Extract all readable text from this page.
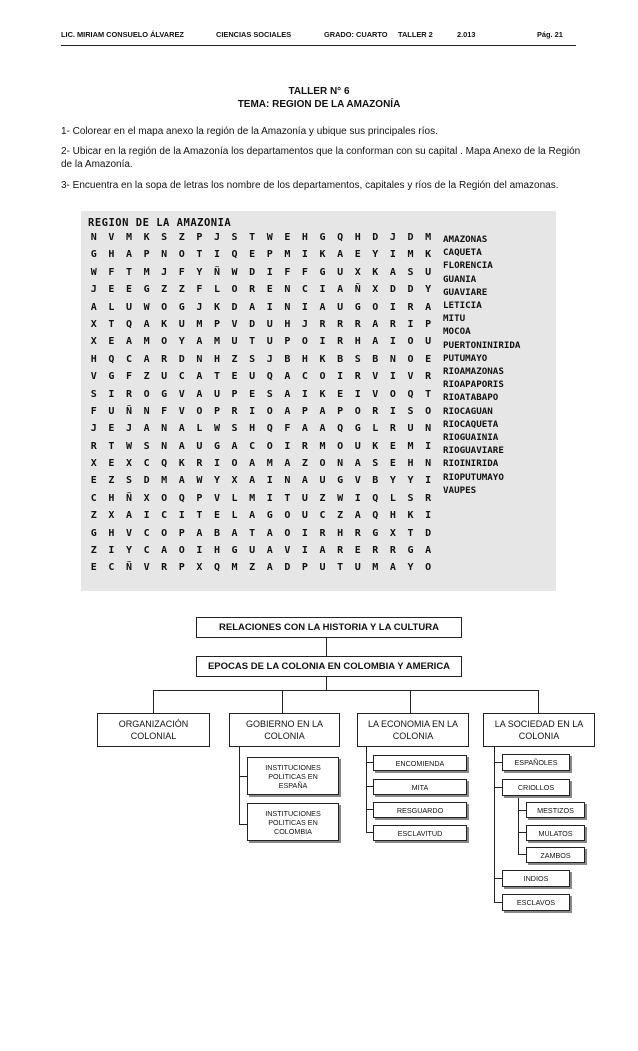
LIC. MIRIAM CONSUELO ÁLVAREZ	CIENCIAS SOCIALES	GRADO: CUARTO TALLER 2	2.013	Pág. 21
TALLER N° 6
TEMA: REGION DE LA AMAZONÍA
1- Colorear en el mapa anexo la región de la Amazonía y ubique sus principales ríos.
2- Ubicar en la región de la Amazonía los departamentos que la conforman con su capital . Mapa Anexo de la Región de la Amazonía.
3- Encuentra en la sopa de letras los nombre de los departamentos, capitales y ríos de la Región del amazonas.
REGION DE LA AMAZONIA
N	V	M	K	S	Z	P	J	S	T	W	E	H	G	Q	H	D	J	D	M
G	H	A	P	N	O	T	I	Q	E	P	M	I	K	A	E	Y	I	M	K
W	F	T	M	J	F	Y	Ñ	W	D	I	F	F	G	U	X	K	A	S	U
J	E	E	G	Z	Z	F	L	O	R	E	N	C	I	A	Ñ	X	D	D	Y
A	L	U	W	O	G	J	K	D	A	I	N	I	A	U	G	O	I	R	A
X	T	Q	A	K	U	M	P	V	D	U	H	J	R	R	R	A	R	I	P
X	E	A	M	O	Y	A	M	U	T	U	P	O	I	R	H	A	I	O	U
H	Q	C	A	R	D	N	H	Z	S	J	B	H	K	B	S	B	N	O	E
V	G	F	Z	U	C	A	T	E	U	Q	A	C	O	I	R	V	I	V	R
S	I	R	O	G	V	A	U	P	E	S	A	I	K	E	I	V	O	Q	T
F	U	Ñ	N	F	V	O	P	R	I	O	A	P	A	P	O	R	I	S	O
J	E	J	A	N	A	L	W	S	H	Q	F	A	A	Q	G	L	R	U	N
R	T	W	S	N	A	U	G	A	C	O	I	R	M	O	U	K	E	M	I
X	E	X	C	Q	K	R	I	O	A	M	A	Z	O	N	A	S	E	H	N
E	Z	S	D	M	A	W	Y	X	A	I	N	A	U	G	V	B	Y	Y	I
C	H	Ñ	X	O	Q	P	V	L	M	I	T	U	Z	W	I	Q	L	S	R
Z	X	A	I	C	I	T	E	L	A	G	O	U	C	Z	A	Q	H	K	I
G	H	V	C	O	P	A	B	A	T	A	O	I	R	H	R	G	X	T	D
Z	I	Y	C	A	O	I	H	G	U	A	V	I	A	R	E	R	R	G	A
E	C	Ñ	V	R	P	X	Q	M	Z	A	D	P	U	T	U	M	A	Y	O
AMAZONAS
CAQUETA
FLORENCIA
GUANIA
GUAVIARE
LETICIA
MITU
MOCOA
PUERTONINIRIDA
PUTUMAYO
RIOAMAZONAS
RIOAPAPORIS
RIOATABAPO
RIOCAGUAN
RIOCAQUETA
RIOGUAINIA
RIOGUAVIARE
RIOINIRIDA
RIOPUTUMAYO
VAUPES
RELACIONES CON LA HISTORIA Y LA CULTURA
EPOCAS DE LA COLONIA EN COLOMBIA Y AMERICA
ORGANIZACIÓN COLONIAL
GOBIERNO EN LA COLONIA
LA ECONOMIA EN LA COLONIA
LA SOCIEDAD EN LA COLONIA
INSTITUCIONES POLITICAS EN ESPAÑA
INSTITUCIONES POLITICAS EN COLOMBIA
ENCOMIENDA
MITA
RESGUARDO
ESCLAVITUD
ESPAÑOLES
CRIOLLOS
MESTIZOS
MULATOS
ZAMBOS
INDIOS
ESCLAVOS
